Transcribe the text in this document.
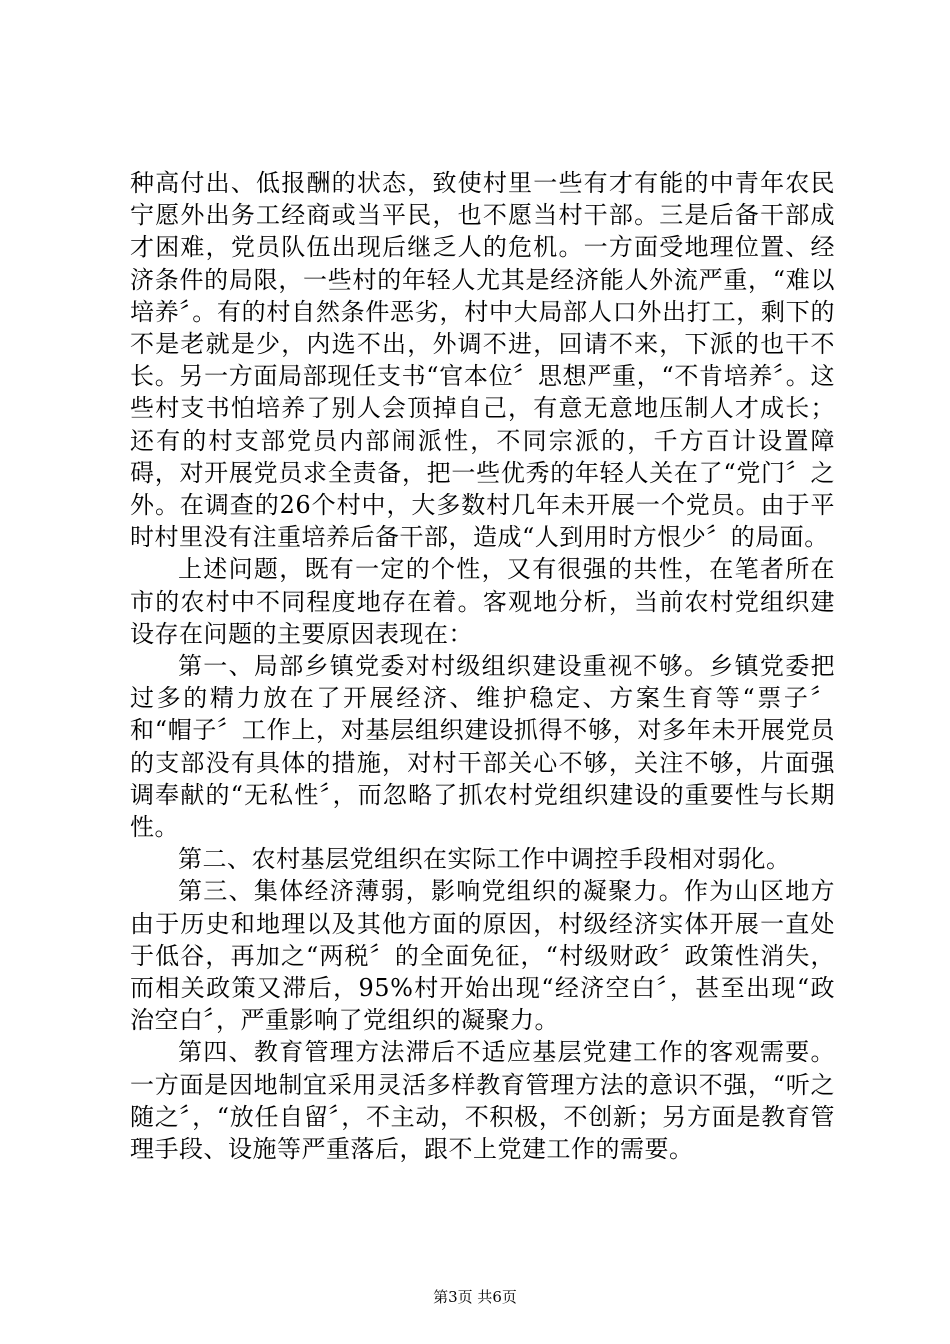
种高付出、低报酬的状态，致使村里一些有才有能的中青年农民宁愿外出务工经商或当平民，也不愿当村干部。三是后备干部成才困难，党员队伍出现后继乏人的危机。一方面受地理位置、经济条件的局限，一些村的年轻人尤其是经济能人外流严重，“难以培养〞。有的村自然条件恶劣，村中大局部人口外出打工，剩下的不是老就是少，内选不出，外调不进，回请不来，下派的也干不长。另一方面局部现任支书“官本位〞思想严重，“不肯培养〞。这些村支书怕培养了别人会顶掉自己，有意无意地压制人才成长；还有的村支部党员内部闹派性，不同宗派的，千方百计设置障碍，对开展党员求全责备，把一些优秀的年轻人关在了“党门〞之外。在调查的26个村中，大多数村几年未开展一个党员。由于平时村里没有注重培养后备干部，造成“人到用时方恨少〞的局面。

上述问题，既有一定的个性，又有很强的共性，在笔者所在市的农村中不同程度地存在着。客观地分析，当前农村党组织建设存在问题的主要原因表现在：

第一、局部乡镇党委对村级组织建设重视不够。乡镇党委把过多的精力放在了开展经济、维护稳定、方案生育等“票子〞和“帽子〞工作上，对基层组织建设抓得不够，对多年未开展党员的支部没有具体的措施，对村干部关心不够，关注不够，片面强调奉献的“无私性〞，而忽略了抓农村党组织建设的重要性与长期性。

第二、农村基层党组织在实际工作中调控手段相对弱化。

第三、集体经济薄弱，影响党组织的凝聚力。作为山区地方由于历史和地理以及其他方面的原因，村级经济实体开展一直处于低谷，再加之“两税〞的全面免征，“村级财政〞政策性消失，而相关政策又滞后，95%村开始出现“经济空白〞，甚至出现“政治空白〞，严重影响了党组织的凝聚力。

第四、教育管理方法滞后不适应基层党建工作的客观需要。一方面是因地制宜采用灵活多样教育管理方法的意识不强，“听之随之〞，“放任自留〞，不主动，不积极，不创新；另方面是教育管理手段、设施等严重落后，跟不上党建工作的需要。

第3页 共6页
